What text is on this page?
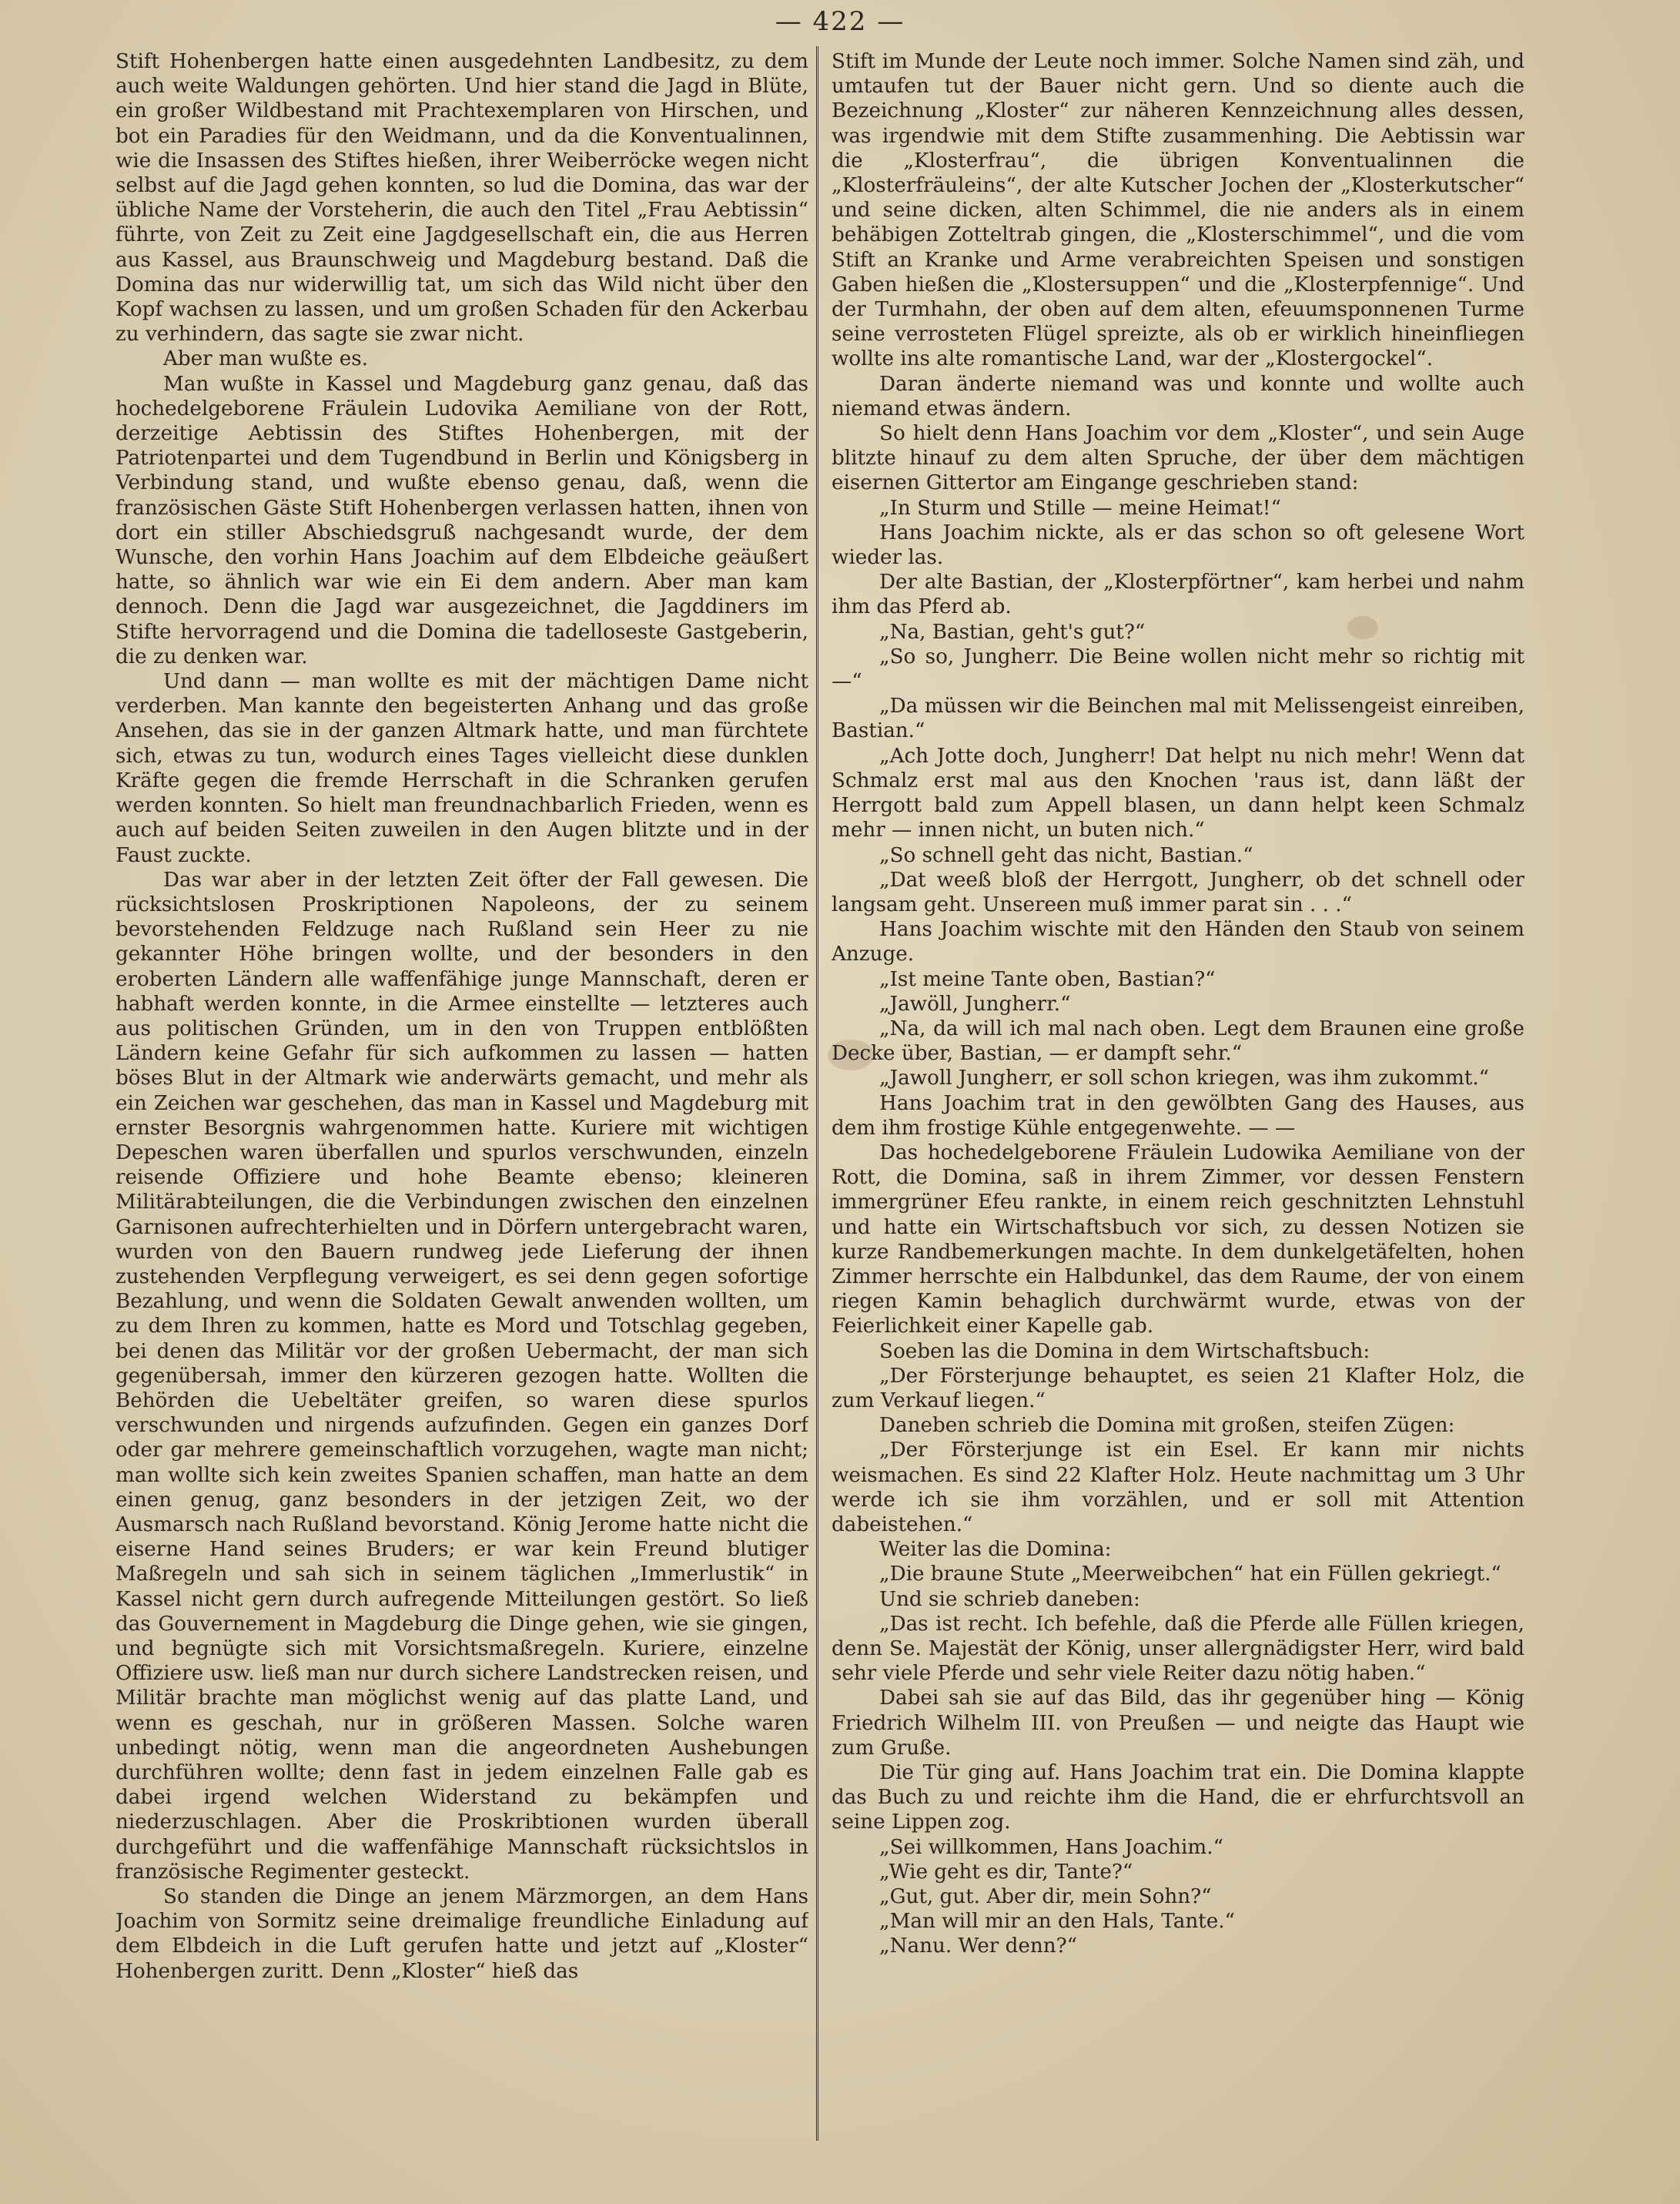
— 422 —

Stift Hohenbergen hatte einen ausgedehnten Landbesitz, zu dem auch weite Waldungen gehörten. Und hier stand die Jagd in Blüte, ein großer Wildbestand mit Prachtexemplaren von Hirschen, und bot ein Paradies für den Weidmann, und da die Konventualinnen, wie die Insassen des Stiftes hießen, ihrer Weiberröcke wegen nicht selbst auf die Jagd gehen konnten, so lud die Domina, das war der übliche Name der Vorsteherin, die auch den Titel „Frau Aebtissin“ führte, von Zeit zu Zeit eine Jagdgesellschaft ein, die aus Herren aus Kassel, aus Braunschweig und Magdeburg bestand. Daß die Domina das nur widerwillig tat, um sich das Wild nicht über den Kopf wachsen zu lassen, und um großen Schaden für den Ackerbau zu verhindern, das sagte sie zwar nicht.

Aber man wußte es.

Man wußte in Kassel und Magdeburg ganz genau, daß das hochedelgeborene Fräulein Ludovika Aemiliane von der Rott, derzeitige Aebtissin des Stiftes Hohenbergen, mit der Patriotenpartei und dem Tugendbund in Berlin und Königsberg in Verbindung stand, und wußte ebenso genau, daß, wenn die französischen Gäste Stift Hohenbergen verlassen hatten, ihnen von dort ein stiller Abschiedsgruß nachgesandt wurde, der dem Wunsche, den vorhin Hans Joachim auf dem Elbdeiche geäußert hatte, so ähnlich war wie ein Ei dem andern. Aber man kam dennoch. Denn die Jagd war ausgezeichnet, die Jagddiners im Stifte hervorragend und die Domina die tadelloseste Gastgeberin, die zu denken war.

Und dann — man wollte es mit der mächtigen Dame nicht verderben. Man kannte den begeisterten Anhang und das große Ansehen, das sie in der ganzen Altmark hatte, und man fürchtete sich, etwas zu tun, wodurch eines Tages vielleicht diese dunklen Kräfte gegen die fremde Herrschaft in die Schranken gerufen werden konnten. So hielt man freundnachbarlich Frieden, wenn es auch auf beiden Seiten zuweilen in den Augen blitzte und in der Faust zuckte.

Das war aber in der letzten Zeit öfter der Fall gewesen. Die rücksichtslosen Proskriptionen Napoleons, der zu seinem bevorstehenden Feldzuge nach Rußland sein Heer zu nie gekannter Höhe bringen wollte, und der besonders in den eroberten Ländern alle waffenfähige junge Mannschaft, deren er habhaft werden konnte, in die Armee einstellte — letzteres auch aus politischen Gründen, um in den von Truppen entblößten Ländern keine Gefahr für sich aufkommen zu lassen — hatten böses Blut in der Altmark wie anderwärts gemacht, und mehr als ein Zeichen war geschehen, das man in Kassel und Magdeburg mit ernster Besorgnis wahrgenommen hatte. Kuriere mit wichtigen Depeschen waren überfallen und spurlos verschwunden, einzeln reisende Offiziere und hohe Beamte ebenso; kleineren Militärabteilungen, die die Verbindungen zwischen den einzelnen Garnisonen aufrechterhielten und in Dörfern untergebracht waren, wurden von den Bauern rundweg jede Lieferung der ihnen zustehenden Verpflegung verweigert, es sei denn gegen sofortige Bezahlung, und wenn die Soldaten Gewalt anwenden wollten, um zu dem Ihren zu kommen, hatte es Mord und Totschlag gegeben, bei denen das Militär vor der großen Uebermacht, der man sich gegenübersah, immer den kürzeren gezogen hatte. Wollten die Behörden die Uebeltäter greifen, so waren diese spurlos verschwunden und nirgends aufzufinden. Gegen ein ganzes Dorf oder gar mehrere gemeinschaftlich vorzugehen, wagte man nicht; man wollte sich kein zweites Spanien schaffen, man hatte an dem einen genug, ganz besonders in der jetzigen Zeit, wo der Ausmarsch nach Rußland bevorstand. König Jerome hatte nicht die eiserne Hand seines Bruders; er war kein Freund blutiger Maßregeln und sah sich in seinem täglichen „Immerlustik“ in Kassel nicht gern durch aufregende Mitteilungen gestört. So ließ das Gouvernement in Magdeburg die Dinge gehen, wie sie gingen, und begnügte sich mit Vorsichtsmaßregeln. Kuriere, einzelne Offiziere usw. ließ man nur durch sichere Landstrecken reisen, und Militär brachte man möglichst wenig auf das platte Land, und wenn es geschah, nur in größeren Massen. Solche waren unbedingt nötig, wenn man die angeordneten Aushebungen durchführen wollte; denn fast in jedem einzelnen Falle gab es dabei irgend welchen Widerstand zu bekämpfen und niederzuschlagen. Aber die Proskribtionen wurden überall durchgeführt und die waffenfähige Mannschaft rücksichtslos in französische Regimenter gesteckt.

So standen die Dinge an jenem Märzmorgen, an dem Hans Joachim von Sormitz seine dreimalige freundliche Einladung auf dem Elbdeich in die Luft gerufen hatte und jetzt auf „Kloster“ Hohenbergen zuritt. Denn „Kloster“ hieß das

Stift im Munde der Leute noch immer. Solche Namen sind zäh, und umtaufen tut der Bauer nicht gern. Und so diente auch die Bezeichnung „Kloster“ zur näheren Kennzeichnung alles dessen, was irgendwie mit dem Stifte zusammenhing. Die Aebtissin war die „Klosterfrau“, die übrigen Konventualinnen die „Klosterfräuleins“, der alte Kutscher Jochen der „Klosterkutscher“ und seine dicken, alten Schimmel, die nie anders als in einem behäbigen Zotteltrab gingen, die „Klosterschimmel“, und die vom Stift an Kranke und Arme verabreichten Speisen und sonstigen Gaben hießen die „Klostersuppen“ und die „Klosterpfennige“. Und der Turmhahn, der oben auf dem alten, efeuumsponnenen Turme seine verrosteten Flügel spreizte, als ob er wirklich hineinfliegen wollte ins alte romantische Land, war der „Klostergockel“.

Daran änderte niemand was und konnte und wollte auch niemand etwas ändern.

So hielt denn Hans Joachim vor dem „Kloster“, und sein Auge blitzte hinauf zu dem alten Spruche, der über dem mächtigen eisernen Gittertor am Eingange geschrieben stand:

„In Sturm und Stille — meine Heimat!“

Hans Joachim nickte, als er das schon so oft gelesene Wort wieder las.

Der alte Bastian, der „Klosterpförtner“, kam herbei und nahm ihm das Pferd ab.

„Na, Bastian, geht's gut?“

„So so, Jungherr. Die Beine wollen nicht mehr so richtig mit —“

„Da müssen wir die Beinchen mal mit Melissengeist einreiben, Bastian.“

„Ach Jotte doch, Jungherr! Dat helpt nu nich mehr! Wenn dat Schmalz erst mal aus den Knochen 'raus ist, dann läßt der Herrgott bald zum Appell blasen, un dann helpt keen Schmalz mehr — innen nicht, un buten nich.“

„So schnell geht das nicht, Bastian.“

„Dat weeß bloß der Herrgott, Jungherr, ob det schnell oder langsam geht. Unsereen muß immer parat sin . . .“

Hans Joachim wischte mit den Händen den Staub von seinem Anzuge.

„Ist meine Tante oben, Bastian?“

„Jawöll, Jungherr.“

„Na, da will ich mal nach oben. Legt dem Braunen eine große Decke über, Bastian, — er dampft sehr.“

„Jawoll Jungherr, er soll schon kriegen, was ihm zukommt.“

Hans Joachim trat in den gewölbten Gang des Hauses, aus dem ihm frostige Kühle entgegenwehte. — —

Das hochedelgeborene Fräulein Ludowika Aemiliane von der Rott, die Domina, saß in ihrem Zimmer, vor dessen Fenstern immergrüner Efeu rankte, in einem reich geschnitzten Lehnstuhl und hatte ein Wirtschaftsbuch vor sich, zu dessen Notizen sie kurze Randbemerkungen machte. In dem dunkelgetäfelten, hohen Zimmer herrschte ein Halbdunkel, das dem Raume, der von einem riegen Kamin behaglich durchwärmt wurde, etwas von der Feierlichkeit einer Kapelle gab.

Soeben las die Domina in dem Wirtschaftsbuch:

„Der Försterjunge behauptet, es seien 21 Klafter Holz, die zum Verkauf liegen.“

Daneben schrieb die Domina mit großen, steifen Zügen:

„Der Försterjunge ist ein Esel. Er kann mir nichts weismachen. Es sind 22 Klafter Holz. Heute nachmittag um 3 Uhr werde ich sie ihm vorzählen, und er soll mit Attention dabeistehen.“

Weiter las die Domina:

„Die braune Stute „Meerweibchen“ hat ein Füllen gekriegt.“

Und sie schrieb daneben:

„Das ist recht. Ich befehle, daß die Pferde alle Füllen kriegen, denn Se. Majestät der König, unser allergnädigster Herr, wird bald sehr viele Pferde und sehr viele Reiter dazu nötig haben.“

Dabei sah sie auf das Bild, das ihr gegenüber hing — König Friedrich Wilhelm III. von Preußen — und neigte das Haupt wie zum Gruße.

Die Tür ging auf. Hans Joachim trat ein. Die Domina klappte das Buch zu und reichte ihm die Hand, die er ehrfurchtsvoll an seine Lippen zog.

„Sei willkommen, Hans Joachim.“

„Wie geht es dir, Tante?“

„Gut, gut. Aber dir, mein Sohn?“

„Man will mir an den Hals, Tante.“

„Nanu. Wer denn?“
